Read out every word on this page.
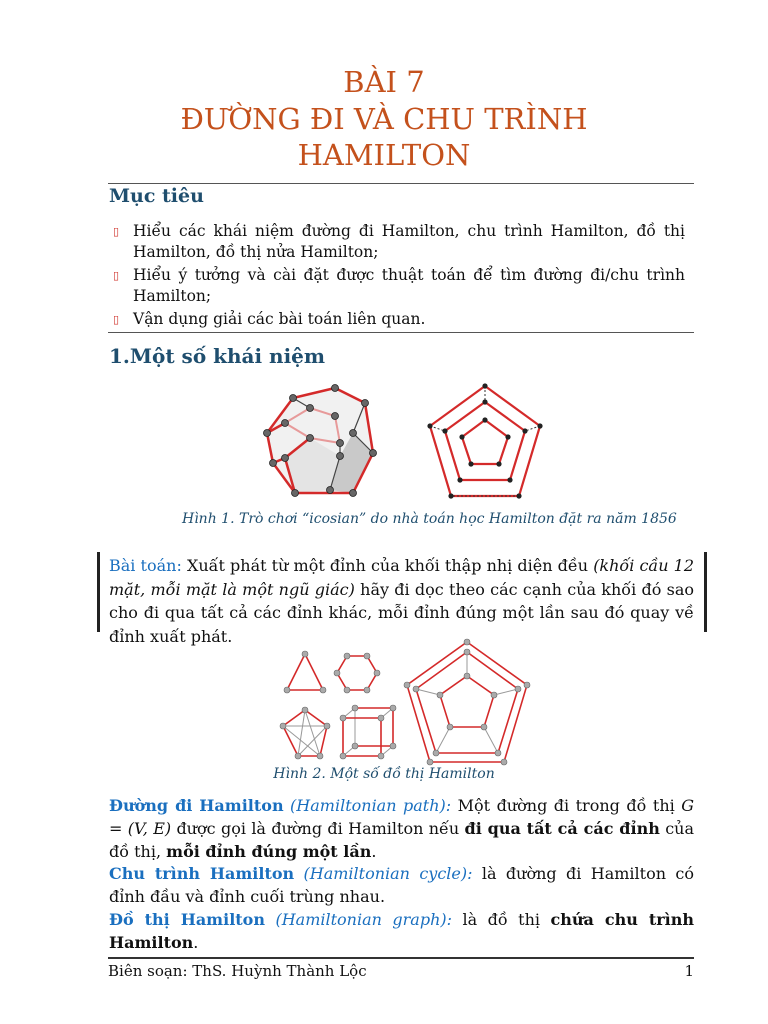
BÀI 7
ĐƯỜNG ĐI VÀ CHU TRÌNH
HAMILTON
Mục tiêu
▯ Hiểu các khái niệm đường đi Hamilton, chu trình Hamilton, đồ thị Hamilton, đồ thị nửa Hamilton;
▯ Hiểu ý tưởng và cài đặt được thuật toán để tìm đường đi/chu trình Hamilton;
▯ Vận dụng giải các bài toán liên quan.
1.Một số khái niệm
Hình 1. Trò chơi “icosian” do nhà toán học Hamilton đặt ra năm 1856
Bài toán: Xuất phát từ một đỉnh của khối thập nhị diện đều (khối cầu 12 mặt, mỗi mặt là một ngũ giác) hãy đi dọc theo các cạnh của khối đó sao cho đi qua tất cả các đỉnh khác, mỗi đỉnh đúng một lần sau đó quay về đỉnh xuất phát.
Hình 2. Một số đồ thị Hamilton
Đường đi Hamilton (Hamiltonian path): Một đường đi trong đồ thị G = (V, E) được gọi là đường đi Hamilton nếu đi qua tất cả các đỉnh của đồ thị, mỗi đỉnh đúng một lần.
Chu trình Hamilton (Hamiltonian cycle): là đường đi Hamilton có đỉnh đầu và đỉnh cuối trùng nhau.
Đồ thị Hamilton (Hamiltonian graph): là đồ thị chứa chu trình Hamilton.
Biên soạn: ThS. Huỳnh Thành Lộc	1
